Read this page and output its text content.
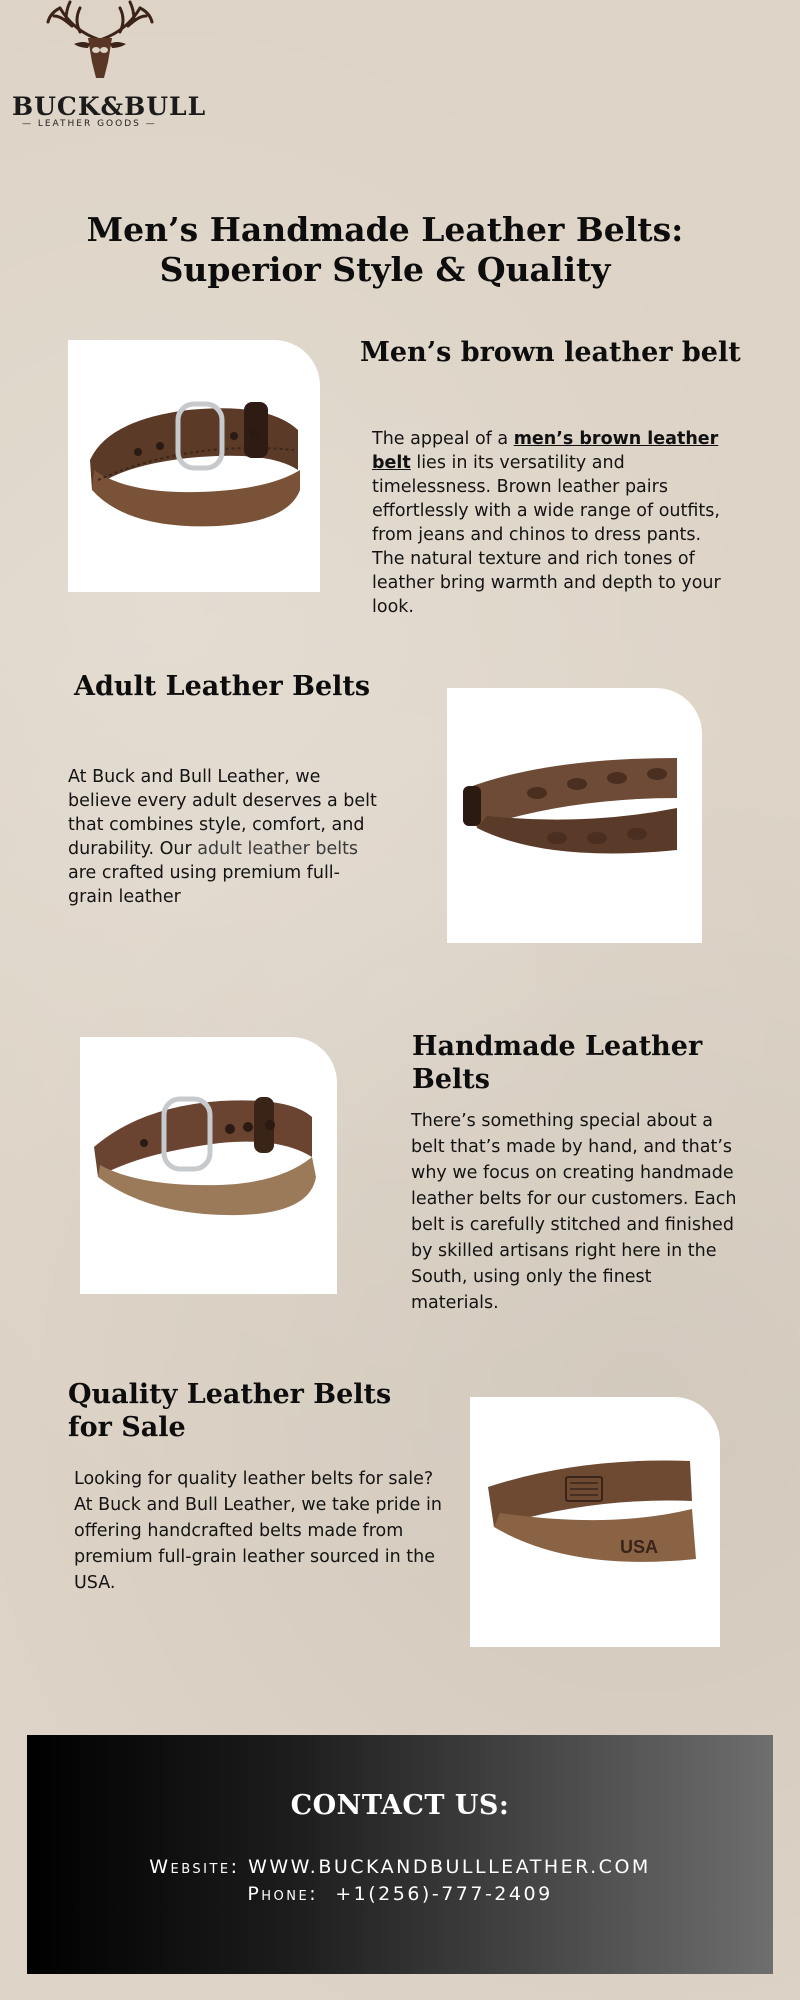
BUCK&BULL
— LEATHER GOODS —
Men’s Handmade Leather Belts: Superior Style & Quality
Men’s brown leather belt
The appeal of a men’s brown leather belt lies in its versatility and timelessness. Brown leather pairs effortlessly with a wide range of outfits, from jeans and chinos to dress pants. The natural texture and rich tones of leather bring warmth and depth to your look.
Adult Leather Belts
At Buck and Bull Leather, we believe every adult deserves a belt that combines style, comfort, and durability. Our adult leather belts are crafted using premium full-grain leather
Handmade Leather Belts
There’s something special about a belt that’s made by hand, and that’s why we focus on creating handmade leather belts for our customers. Each belt is carefully stitched and finished by skilled artisans right here in the South, using only the finest materials.
Quality Leather Belts for Sale
Looking for quality leather belts for sale? At Buck and Bull Leather, we take pride in offering handcrafted belts made from premium full-grain leather sourced in the USA.
USA
CONTACT US:
Website: WWW.BUCKANDBULLLEATHER.COM
Phone: +1(256)-777-2409
